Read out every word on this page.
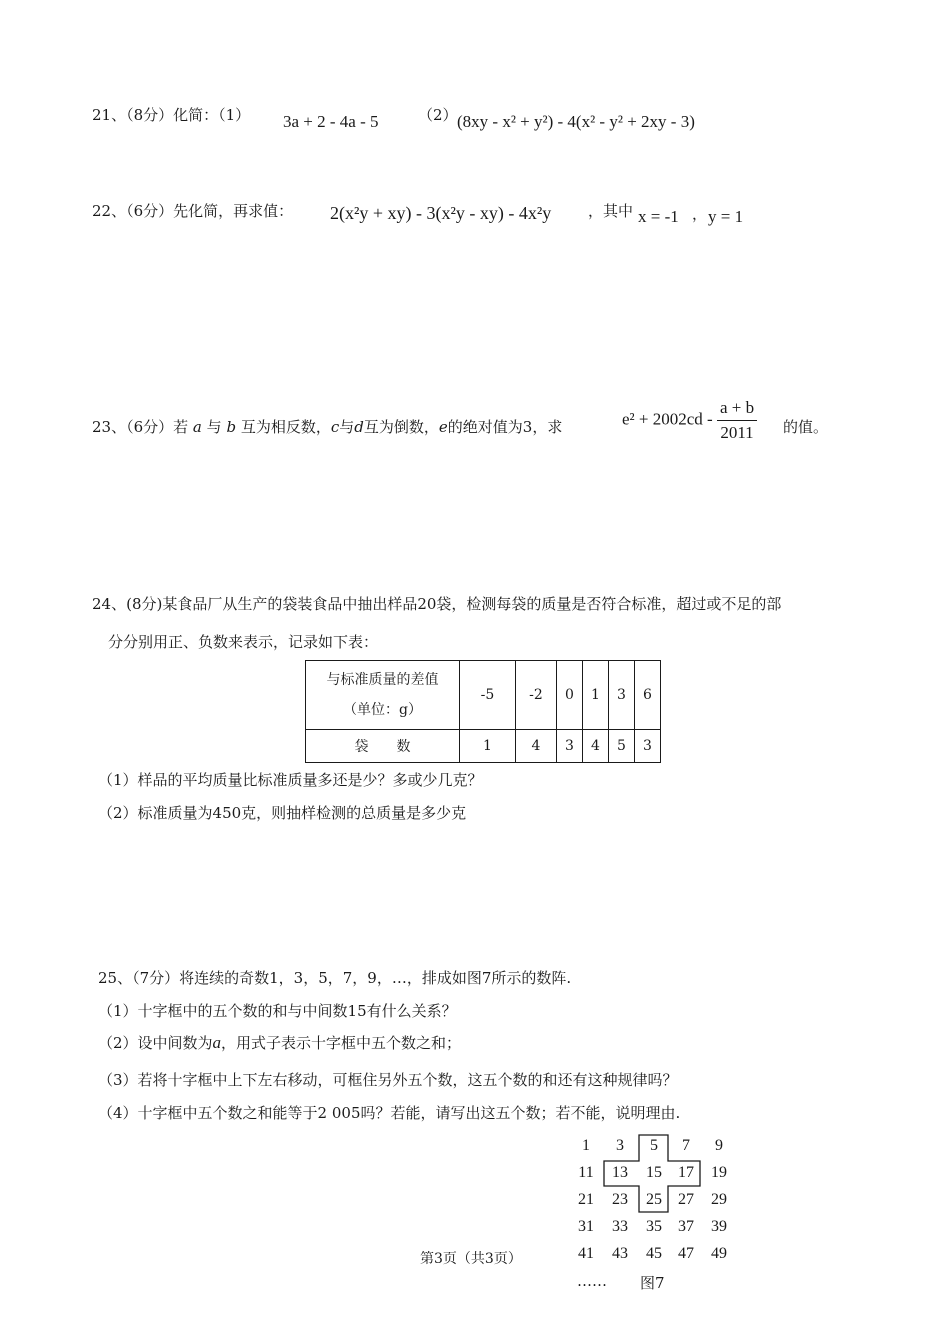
21、（8分）化简：（1） 3a + 2 - 4a - 5	（2） (8xy - x² + y²) - 4(x² - y² + 2xy - 3)
22、（6分）先化简，再求值： 2(x²y + xy) - 3(x²y - xy) - 4x²y ，其中 x = -1 ， y = 1
23、（6分）若 a 与 b 互为相反数，c与d互为倒数，e的绝对值为3，求	$e^2 + 2002cd - \frac{a + b}{2011}$ 的值。
24、(8分)某食品厂从生产的袋装食品中抽出样品20袋，检测每袋的质量是否符合标准，超过或不足的部
分分别用正、负数来表示，记录如下表：
与标准质量的差值
（单位：g）	-5	-2	0	1	3	6
袋　　数	1	4	3	4	5	3
（1）样品的平均质量比标准质量多还是少？多或少几克？
（2）标准质量为450克，则抽样检测的总质量是多少克
25、（7分）将连续的奇数1，3，5，7，9，…，排成如图7所示的数阵.
（1）十字框中的五个数的和与中间数15有什么关系？
（2）设中间数为a，用式子表示十字框中五个数之和；
（3）若将十字框中上下左右移动，可框住另外五个数，这五个数的和还有这种规律吗？
（4）十字框中五个数之和能等于2 005吗？若能，请写出这五个数；若不能，说明理由.
1	3	5	7	9
11	13	15	17	19
21	23	25	27	29
31	33	35	37	39
41	43	45	47	49
…… 图7
第3页（共3页）
